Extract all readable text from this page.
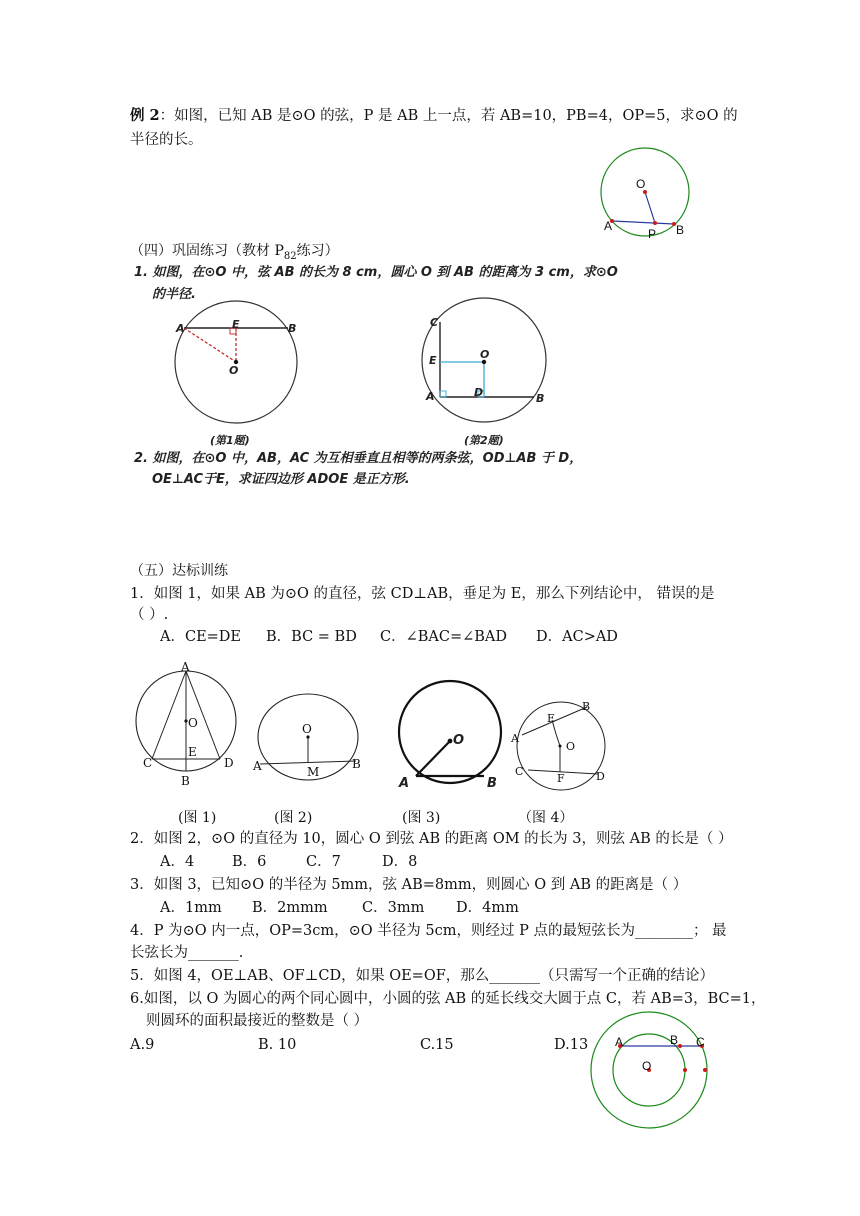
例 2：如图，已知 AB 是⊙O 的弦，P 是 AB 上一点，若 AB=10，PB=4，OP=5，求⊙O 的
半径的长。
O
A
P B
（四）巩固练习（教材 $P_{82}$练习）
1. 如图，在⊙O 中，弦 AB 的长为 8 cm，圆心 O 到 AB 的距离为 3 cm，求⊙O
的半径.
A	E	B
O
(第1题)
C
E	O
D
A	B
(第2题)
2. 如图，在⊙O 中，AB，AC 为互相垂直且相等的两条弦，OD⊥AB 于 D，
OE⊥AC于E，求证四边形 ADOE 是正方形.
（五）达标训练
1．如图 1，如果 AB 为⊙O 的直径，弦 CD⊥AB，垂足为 E，那么下列结论中， 错误的是
（ ）.
A．CE=DE B．BC = BD C．∠BAC=∠BAD D．AC>AD
A
O
E
C	D
B
O
A	M
B
O
A	B
B
E
A
O
C
F	D
(图 1)	(图 2)	(图 3)	（图 4）
2．如图 2，⊙O 的直径为 10，圆心 O 到弦 AB 的距离 OM 的长为 3，则弦 AB 的长是（ ）
A．4	B．6	C．7	D．8
3．如图 3，已知⊙O 的半径为 5mm，弦 AB=8mm，则圆心 O 到 AB 的距离是（ ）
A．1mm B．2mmm C．3mm D．4mm
4．P 为⊙O 内一点，OP=3cm，⊙O 半径为 5cm，则经过 P 点的最短弦长为________； 最
长弦长为_______.
5．如图 4，OE⊥AB、OF⊥CD，如果 OE=OF，那么_______（只需写一个正确的结论）
6.如图，以 O 为圆心的两个同心圆中，小圆的弦 AB 的延长线交大圆于点 C，若 AB=3，BC=1，
则圆环的面积最接近的整数是（ ）
A.9	B. 10	C.15	D.13 A	B C
O
